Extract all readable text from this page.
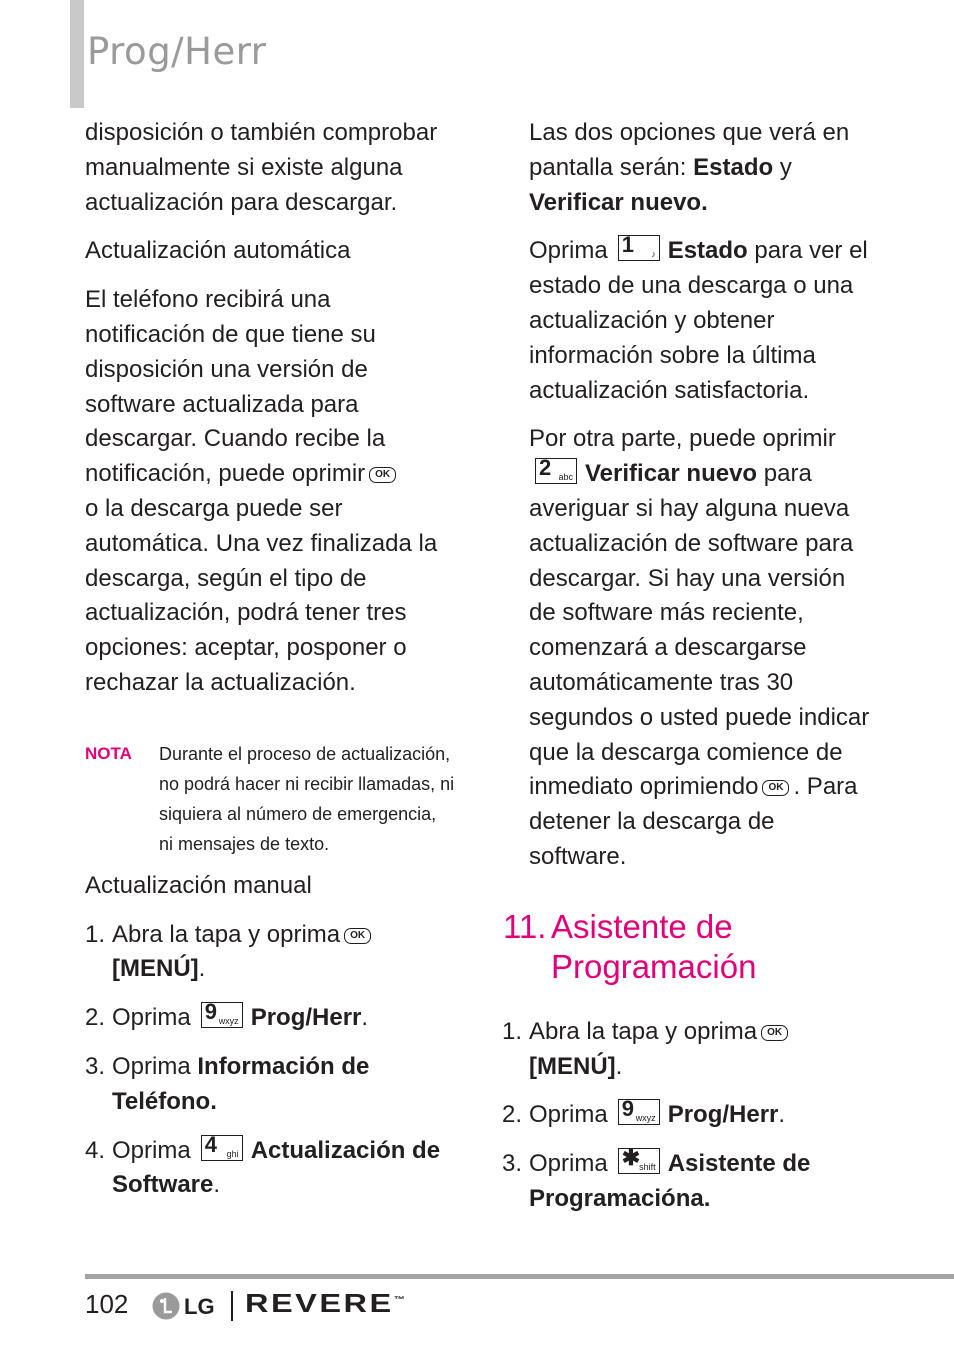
Prog/Herr

disposición o también comprobar manualmente si existe alguna actualización para descargar.

Actualización automática

El teléfono recibirá una notificación de que tiene su disposición una versión de software actualizada para descargar. Cuando recibe la notificación, puede oprimir OK
o la descarga puede ser automática. Una vez finalizada la descarga, según el tipo de actualización, podrá tener tres opciones: aceptar, posponer o rechazar la actualización.

NOTA	Durante el proceso de actualización, no podrá hacer ni recibir llamadas, ni siquiera al número de emergencia, ni mensajes de texto.
Actualización manual
1. Abra la tapa y oprima OK
[MENÚ].
2. Oprima 9 wxyz Prog/Herr.
3. Oprima Información de Teléfono.
4. Oprima 4 ghi Actualización de Software.

Las dos opciones que verá en pantalla serán: Estado y Verificar nuevo.

Oprima 1 ♪ Estado para ver el estado de una descarga o una actualización y obtener información sobre la última actualización satisfactoria.

Por otra parte, puede oprimir

2 abc Verificar nuevo para averiguar si hay alguna nueva actualización de software para descargar. Si hay una versión de software más reciente, comenzará a descargarse automáticamente tras 30 segundos o usted puede indicar que la descarga comience de inmediato oprimiendo OK . Para detener la descarga de software.

11. Asistente de Programación
1. Abra la tapa y oprima OK
[MENÚ].
2. Oprima 9 wxyz Prog/Herr.
3. Oprima ✱ shift Asistente de Programacióna.
102	LG REVERE™
